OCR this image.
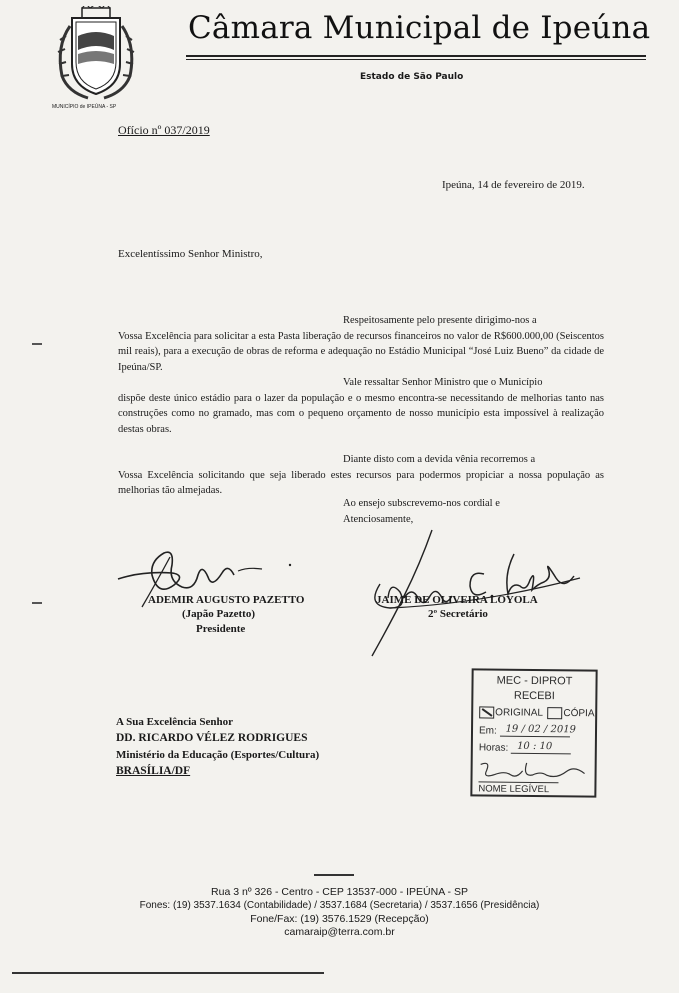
MUNICÍPIO de IPEÚNA - SP
Câmara Municipal de Ipeúna
Estado de São Paulo
Ofício nº 037/2019
Ipeúna, 14 de fevereiro de 2019.
Excelentíssimo Senhor Ministro,
Respeitosamente pelo presente dirigimo-nos a
Vossa Excelência para solicitar a esta Pasta liberação de recursos financeiros no valor de R$600.000,00 (Seiscentos mil reais), para a execução de obras de reforma e adequação no Estádio Municipal “José Luiz Bueno” da cidade de Ipeúna/SP.
Vale ressaltar Senhor Ministro que o Município
dispõe deste único estádio para o lazer da população e o mesmo encontra-se necessitando de melhorias tanto nas construções como no gramado, mas com o pequeno orçamento de nosso município esta impossível à realização destas obras.
Diante disto com a devida vênia recorremos a
Vossa Excelência solicitando que seja liberado estes recursos para podermos propiciar a nossa população as melhorias tão almejadas.
Ao ensejo subscrevemo-nos cordial e
Atenciosamente,
ADEMIR AUGUSTO PAZETTO
(Japão Pazetto)
Presidente
JAIME DE OLIVEIRA LOYOLA
2º Secretário
A Sua Excelência Senhor
DD. RICARDO VÉLEZ RODRIGUES
Ministério da Educação (Esportes/Cultura)
BRASÍLIA/DF
MEC - DIPROT
RECEBI
ORIGINAL CÓPIA
Em: 19 / 02 / 2019
Horas: 10 : 10
NOME LEGÍVEL
Rua 3 nº 326 - Centro - CEP 13537-000 - IPEÚNA - SP
Fones: (19) 3537.1634 (Contabilidade) / 3537.1684 (Secretaria) / 3537.1656 (Presidência)
Fone/Fax: (19) 3576.1529 (Recepção)
camaraip@terra.com.br
